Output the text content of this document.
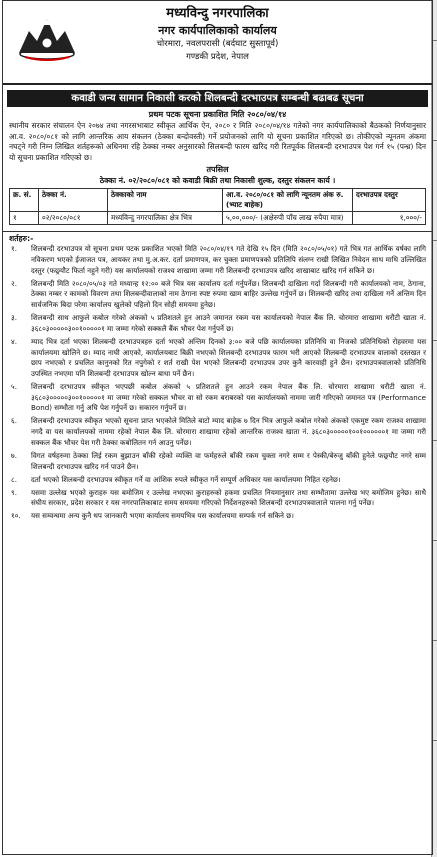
मध्यविन्दु नगरपालिका
नगर कार्यपालिकाको कार्यालय
चोरमारा, नवलपरासी (बर्दघाट सुस्तापूर्व)
गण्डकी प्रदेश, नेपाल
कवाडी जन्य सामान निकासी करको शिलबन्दी दरभाउपत्र सम्बन्धी बढाबढ सूचना
प्रथम पटक सूचना प्रकाशित मिति २०८०/०४/१४
स्थानीय सरकार संचालन ऐन २०७४ तथा नगरसभाबाट स्वीकृत आर्थिक ऐन, २०८० र मिति २०८०/०४/१४ गतेको नगर कार्यपालिकाको बैठकको निर्णयानुसार आ.व. २०८०/०८१ को लागि आन्तरिक आय संकलन (ठेक्का बन्दोवस्ती) गर्ने प्रयोजनको लागि यो सूचना प्रकाशित गरिएको छ। तोकीएको न्यूनतम अंकमा नघट्ने गरी निम्न लिखित शर्तहरूको अधिनमा रहि ठेक्का नम्बर अनुसारको सिलबन्दी फारम खरिद गरी रितपूर्वक शिलबन्दी दरभाउपत्र पेश गर्न १५ (पन्ध्र) दिन यो सूचना प्रकाशित गरिएको छ।
तपसिल
ठेक्का नं. ०२/२०८०/०८१ को कवाडी बिक्री तथा निकासी शुल्क, दस्तुर संकलन कार्य ।
क्र. सं.	ठेक्का नं.	ठेक्काको नाम	आ.व. २०८०/०८१ को लागि न्यूनतम अंक रु. (भ्याट बाहेक)	दरभाउपत्र दस्तुर
१	०२/२०८०/०८१	मध्यविन्दु नगरपालिका क्षेत्र भित्र	५,००,०००/- (अक्षेरुपी पाँच लाख रुपैया मात्र)	१,०००/-
शर्तहरु:-
१. शिलबन्दी दरभाउपत्र यो सूचना प्रथम पटक प्रकाशित भएको मिति २०८०/०४/१९ गते देखि १५ दिन (मिति २०८०/०५/०१) गते भित्र गत आर्थिक वर्षका लागि नविकरण भएको ईजाजत पत्र, आयकर तथा मु.अ.कर. दर्ता प्रमाणपत्र, कर चुक्ता प्रमाणपत्रको प्रतिलिपि संलग्न राखी लिखित निवेदन साथ माथि उल्लिखित दस्तुर (फछ्र्यौट फिर्ता नहुने गरी) यस कार्यालयको राजश्व शाखामा जम्मा गरी शिलबन्दी दरभाउपत्र खरिद शाखाबाट खरिद गर्न सकिने छ।
२. शिलबन्दी मिति २०८०/०५/०३ गते मध्यान्ह १२:०० बजे भित्र यस कार्यालय दर्ता गर्नुपर्नेछ। शिलबन्दी दाखिला गर्दा शिलबन्दी गरी कार्यालयको नाम, ठेगाना, ठेक्का नम्बर र कामको विवरण तथा शिलबन्दीवालाको नाम ठेगाना स्पष्ट रुपमा खाम बाहिर उल्लेख गर्नुपर्ने छ। शिलबन्दी खरिद तथा दाखिला गर्ने अन्तिम दिन सार्वजनिक बिदा परेमा कार्यालय खुलेको पहिलो दिन सोही समयमा हुनेछ।
३. शिलबन्दी साथ आफुले कबोल गरेको अंकको ५ प्रतिशतले हुन आउने जमानत रकम यस कार्यालयको नेपाल बैंक लि. चोरमारा शाखामा धरौटी खाता नं. ३६८०३०००००३००१०००००१ मा जम्मा गरेको सक्कलै बैंक भौचर पेश गर्नुपर्ने छ।
४. म्याद भित्र दर्ता भएका शिलबन्दी दरभाउपत्रहरु दर्ता भएको अन्तिम दिनको ३:०० बजे पछि कार्यालयका प्रतिनिधि वा निजको प्रतिनिधिको रोहवरमा यस कार्यालयमा खोलिने छ। म्याद नाघी आएको, कार्यालयबाट बिक्री नभएको शिलबन्दी दरभाउपत्र फारम भरी आएको शिलबन्दी दरभाउपत्र वालाको दस्तखत र छाप नभएको र प्रचलित कानुनको रित नपुगेको र शर्त राखी पेश भएको शिलबन्दी दरभाउपत्र उपर कुनै कारवाही हुने छैन। दरभाउपत्रवालाको प्रतिनिधि उपस्थित नभएमा पनि शिलबन्दी दरभाउपत्र खोल्न बाधा पर्ने छैन।
५. शिलबन्दी दरभाउपत्र स्वीकृत भएपछी कबोल अंकको ५ प्रतिशतले हुन आउने रकम नेपाल बैंक लि. चोरमारा शाखामा धरौटी खाता नं. ३६८०३०००००३००१०००००१ मा जम्मा गरेको सक्कल भौचर वा सो रकम बराबरको यस कार्यालयको नाममा जारी गरिएको जमानत पत्र (Performance Bond) सम्भौता गर्नु अघि पेश गर्नुपर्ने छ। सकारन गर्नुपर्ने छ।
६. शिलबन्दी दरभाउपत्र स्वीकृत भएको सूचना प्राप्त भएकोले मितिले बाटो म्याद बाहेक ७ दिन भित्र आफुले कबोल गरेको अंकको एकमुष्ट रकम राजश्व शाखामा नगदै वा यस कार्यालयको नाममा रहेको नेपाल बैंक लि. चोरमारा शाखामा रहेको आन्तरिक राजश्व खाता नं. ३६८०३०००००१००१००००००१ मा जम्मा गरी सक्कल बैंक भौचर पेश गरी ठेक्का कबोलितन गर्न आउनु पर्नेछ।
७. विगत वर्षहरुमा ठेक्का लिई रकम बुझाउन बाँकी रहेको व्यक्ति वा फर्महरुले बाँकी रकम चुक्ता नगरे सम्म र पेस्की/बेरुजु बाँकी हुनेले फछ्र्यौट नगरे सम्म शिलबन्दी दरभाउपत्र खरिद गर्न पाउने छैन।
८. दर्ता भएको शिलबन्दी दरभाउपत्र स्वीकृत गर्ने वा आंशिक रुपले स्वीकृत गर्ने सम्पूर्ण अधिकार यस कार्यालयमा निहित रहनेछ।
९. यसमा उल्लेख भएको कुराहरु यस बमोजिम र उल्लेख नभएका कुराहरुको हकमा प्रचलित नियमानुसार तथा सम्भौतामा उल्लेख भए बमोजिम हुनेछ। साथै संघीय सरकार, प्रदेश सरकार र यस नगरपालिकाबाट समय समयमा गरिएको निर्देशनहरुको शिलबन्दी दरभाउपत्रवालाले पालना गर्नु पर्नेछ।
१०. यस सम्वन्धमा अन्य कुनै थप जानकारी भएमा कार्यालय समयभित्र यस कार्यालयमा सम्पर्क गर्न सकिने छ।
